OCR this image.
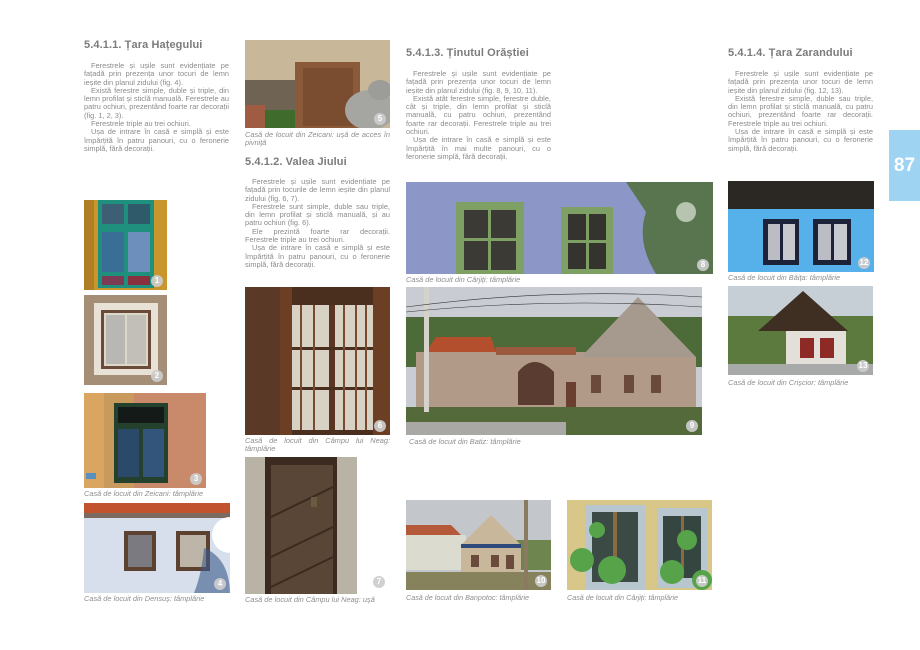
5.4.1.1. Țara Hațegului

Ferestrele și ușile sunt evidențiate pe fațadă prin prezența unor tocuri de lemn ieșite din planul zidului (fig. 4).

Există ferestre simple, duble și triple, din lemn profilat și sticlă manuală. Ferestrele au patru ochiuri, prezentând foarte rar decorații (fig. 1, 2, 3).

Ferestrele triple au trei ochiuri.

Ușa de intrare în casă e simplă și este împărțită în patru panouri, cu o feronerie simplă, fără decorații.

1
2
3
Casă de locuit din Zeicani: tâmplărie
4
Casă de locuit din Densuș: tâmplărie
5
Casă de locuit din Zeicani: ușă de acces în pivniță
5.4.1.2. Valea Jiului

Ferestrele și ușile sunt evidențiate pe fațadă prin tocurile de lemn ieșite din planul zidului (fig. 6, 7).

Ferestrele sunt simple, duble sau triple, din lemn profilat și sticlă manuală, și au patru ochiuri (fig. 6).

Ele prezintă foarte rar decorații. Ferestrele triple au trei ochiuri.

Ușa de intrare în casă e simplă și este împărțită în patru panouri, cu o feronerie simplă, fără decorații.

6
Casă de locuit din Câmpu lui Neag: tâmplărie
7
Casă de locuit din Câmpu lui Neag: ușă
5.4.1.3. Ținutul Orăștiei

Ferestrele și ușile sunt evidențiate pe fațadă prin prezența unor tocuri de lemn ieșite din planul zidului (fig. 8, 9, 10, 11).

Există atât ferestre simple, ferestre duble, cât și triple, din lemn profilat și sticlă manuală, cu patru ochiuri, prezentând foarte rar decorații. Ferestrele triple au trei ochiuri.

Ușa de intrare în casă e simplă și este împărțită în mai multe panouri, cu o feronerie simplă, fără decorații.

8
Casă de locuit din Cârjiți: tâmplărie
9
Casă de locuit din Batiz: tâmplărie
10
Casă de locuit din Banpotoc: tâmplărie
11
Casă de locuit din Cârjiți: tâmplărie
5.4.1.4. Țara Zarandului

Ferestrele și ușile sunt evidențiate pe fațadă prin prezența unor tocuri de lemn ieșite din planul zidului (fig. 12, 13).

Există ferestre simple, duble sau triple, din lemn profilat și sticlă manuală, cu patru ochiuri, prezentând foarte rar decorații. Ferestrele triple au trei ochiuri.

Ușa de intrare în casă e simplă și este împărțită în patru panouri, cu o feronerie simplă, fără decorații.

12
Casă de locuit din Băița: tâmplărie
13
Casă de locuit din Crișcior: tâmplărie
87
